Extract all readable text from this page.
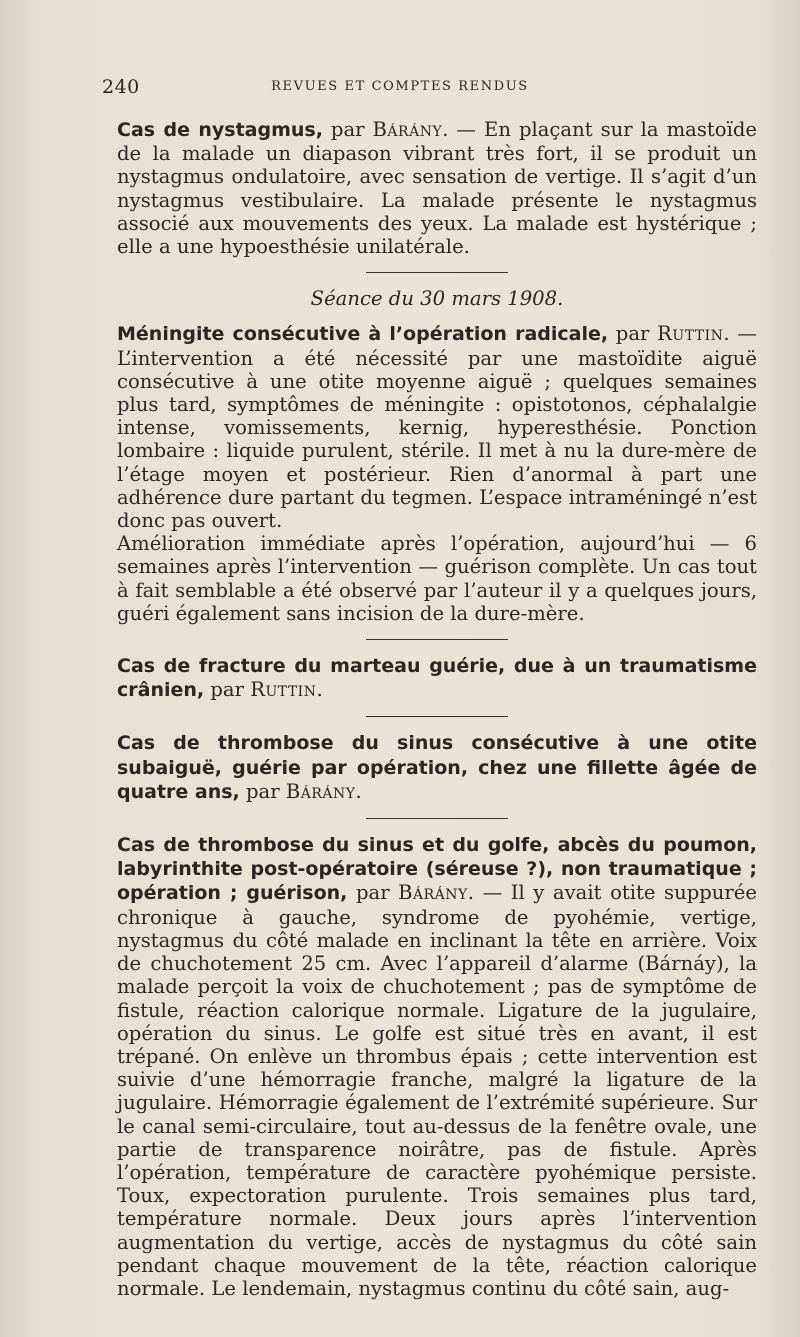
240	REVUES ET COMPTES RENDUS

Cas de nystagmus, par Bárány. — En plaçant sur la mastoïde de la malade un diapason vibrant très fort, il se produit un nystagmus ondulatoire, avec sensation de vertige. Il s’agit d’un nystagmus vestibulaire. La malade présente le nystagmus associé aux mouvements des yeux. La malade est hystérique ; elle a une hypoesthésie unilatérale.

Séance du 30 mars 1908.

Méningite consécutive à l’opération radicale, par Ruttin. — L’intervention a été nécessité par une mastoïdite aiguë consécutive à une otite moyenne aiguë ; quelques semaines plus tard, symptômes de méningite : opistotonos, céphalalgie intense, vomissements, kernig, hyperesthésie. Ponction lombaire : liquide purulent, stérile. Il met à nu la dure-mère de l’étage moyen et postérieur. Rien d’anormal à part une adhérence dure partant du tegmen. L’espace intraméningé n’est donc pas ouvert.

Amélioration immédiate après l’opération, aujourd’hui — 6 semaines après l’intervention — guérison complète. Un cas tout à fait semblable a été observé par l’auteur il y a quelques jours, guéri également sans incision de la dure-mère.

Cas de fracture du marteau guérie, due à un traumatisme crânien, par Ruttin.

Cas de thrombose du sinus consécutive à une otite subaiguë, guérie par opération, chez une fillette âgée de quatre ans, par Bárány.

Cas de thrombose du sinus et du golfe, abcès du poumon, labyrinthite post-opératoire (séreuse ?), non traumatique ; opération ; guérison, par Bárány. — Il y avait otite suppurée chronique à gauche, syndrome de pyohémie, vertige, nystagmus du côté malade en inclinant la tête en arrière. Voix de chuchotement 25 cm. Avec l’appareil d’alarme (Bárnáy), la malade perçoit la voix de chuchotement ; pas de symptôme de fistule, réaction calorique normale. Ligature de la jugulaire, opération du sinus. Le golfe est situé très en avant, il est trépané. On enlève un thrombus épais ; cette intervention est suivie d’une hémorragie franche, malgré la ligature de la jugulaire. Hémorragie également de l’extrémité supérieure. Sur le canal semi-circulaire, tout au-dessus de la fenêtre ovale, une partie de transparence noirâtre, pas de fistule. Après l’opération, température de caractère pyohémique persiste. Toux, expectoration purulente. Trois semaines plus tard, température normale. Deux jours après l’intervention augmentation du vertige, accès de nystagmus du côté sain pendant chaque mouvement de la tête, réaction calorique normale. Le lendemain, nystagmus continu du côté sain, aug-
